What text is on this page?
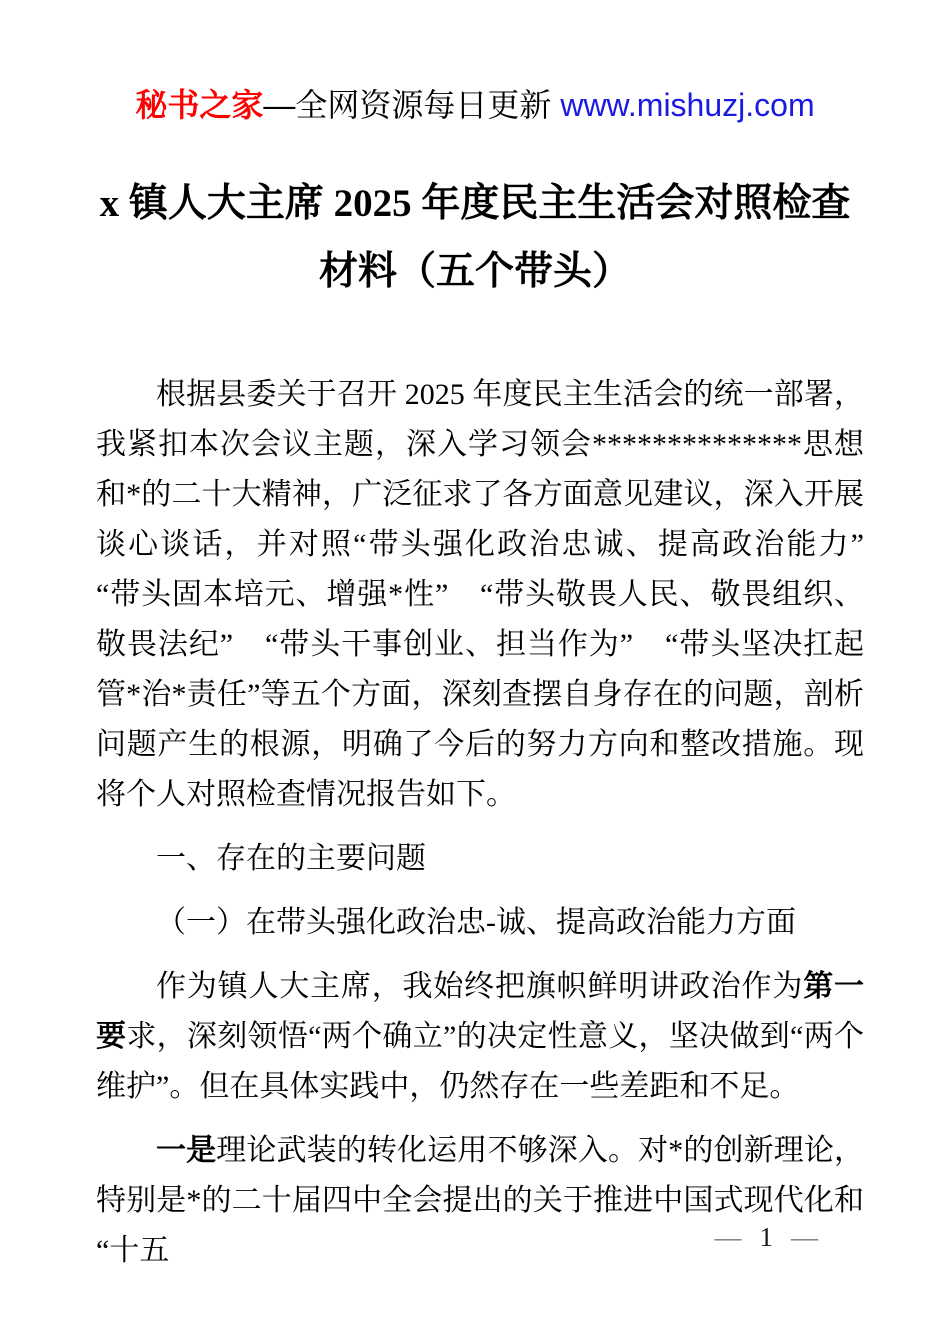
秘书之家—全网资源每日更新 www.mishuzj.com
x 镇人大主席 2025 年度民主生活会对照检查
材料（五个带头）

根据县委关于召开 2025 年度民主生活会的统一部署，我紧扣本次会议主题，深入学习领会**************思想和*的二十大精神，广泛征求了各方面意见建议，深入开展谈心谈话，并对照“带头强化政治忠诚、提高政治能力”　“带头固本培元、增强*性”　“带头敬畏人民、敬畏组织、敬畏法纪”　“带头干事创业、担当作为”　“带头坚决扛起管*治*责任”等五个方面，深刻查摆自身存在的问题，剖析问题产生的根源，明确了今后的努力方向和整改措施。现将个人对照检查情况报告如下。

一、存在的主要问题

（一）在带头强化政治忠-诚、提高政治能力方面

作为镇人大主席，我始终把旗帜鲜明讲政治作为第一要求，深刻领悟“两个确立”的决定性意义，坚决做到“两个维护”。但在具体实践中，仍然存在一些差距和不足。

一是理论武装的转化运用不够深入。对*的创新理论，特别是*的二十届四中全会提出的关于推进中国式现代化和“十五	— 1 —
